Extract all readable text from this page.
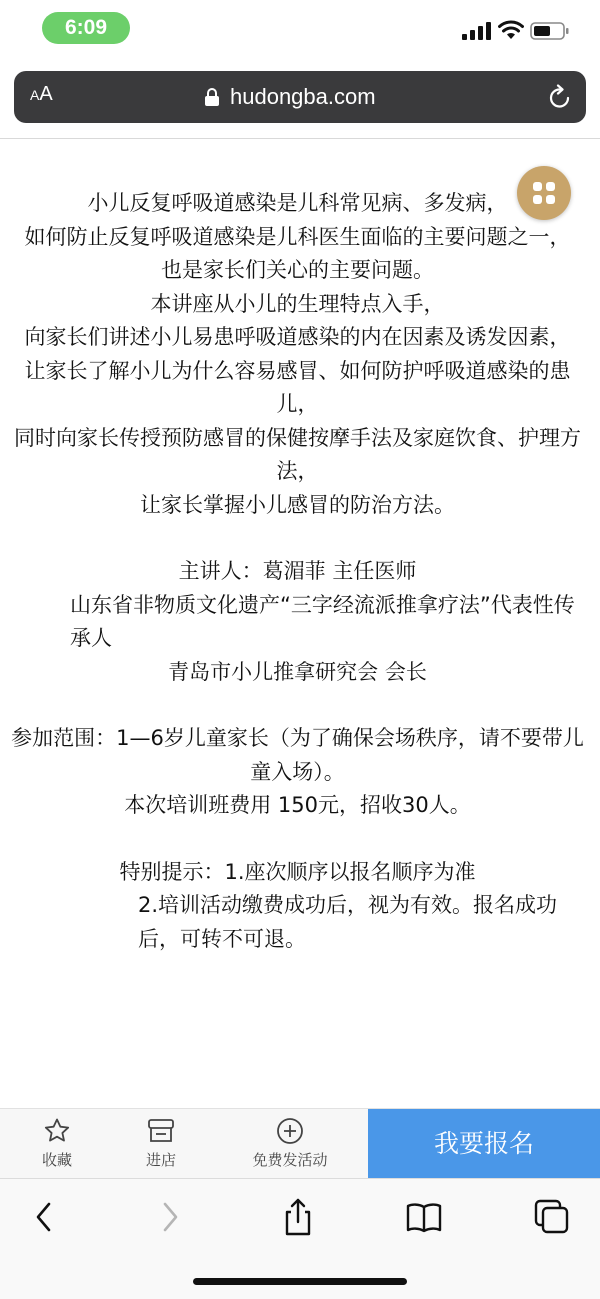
6:09
AA	hudongba.com

小儿反复呼吸道感染是儿科常见病、多发病，

如何防止反复呼吸道感染是儿科医生面临的主要问题之一，

也是家长们关心的主要问题。

本讲座从小儿的生理特点入手，

向家长们讲述小儿易患呼吸道感染的内在因素及诱发因素，

让家长了解小儿为什么容易感冒、如何防护呼吸道感染的患儿，

同时向家长传授预防感冒的保健按摩手法及家庭饮食、护理方法，

让家长掌握小儿感冒的防治方法。

主讲人：葛湄菲 主任医师

山东省非物质文化遗产“三字经流派推拿疗法”代表性传承人

青岛市小儿推拿研究会 会长

参加范围：1—6岁儿童家长（为了确保会场秩序，请不要带儿童入场）。

本次培训班费用 150元，招收30人。

特别提示：1.座次顺序以报名顺序为准

2.培训活动缴费成功后，视为有效。报名成功后，可转不可退。

收藏	进店	免费发活动
我要报名
